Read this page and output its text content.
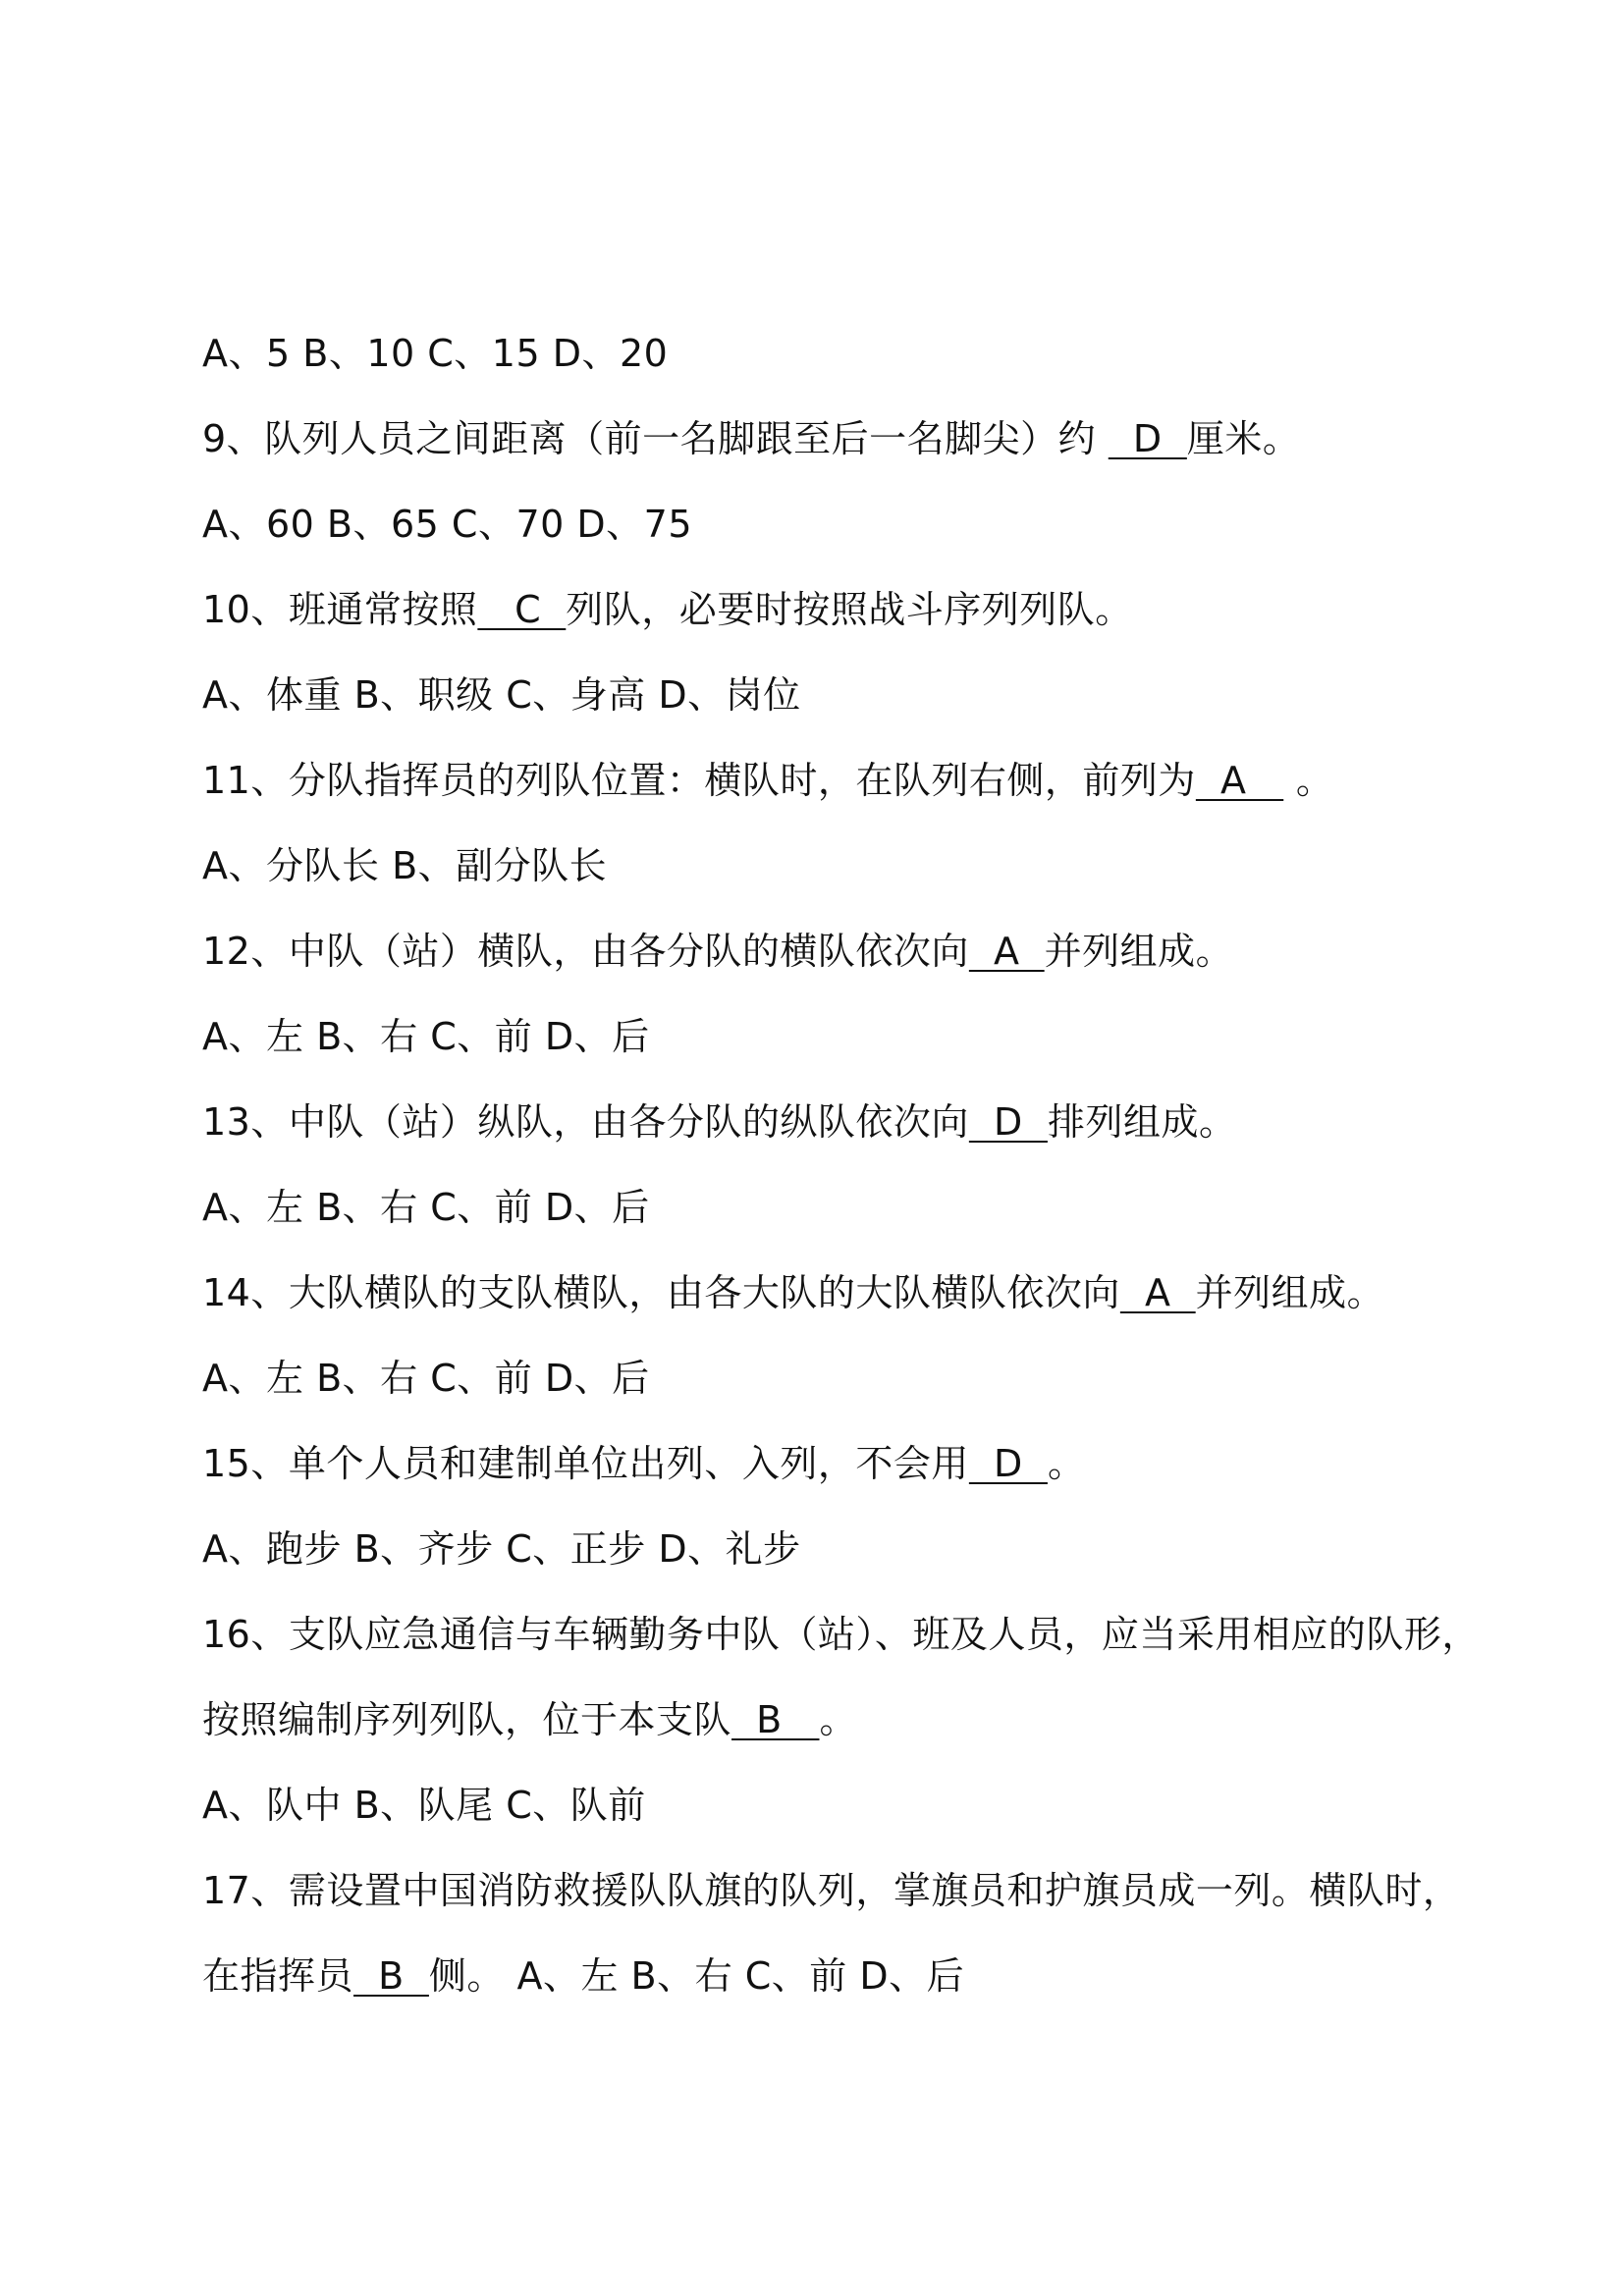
A、5 B、10 C、15 D、20
9、队列人员之间距离（前一名脚跟至后一名脚尖）约   D  厘米。
A、60 B、65 C、70 D、75
10、班通常按照   C  列队，必要时按照战斗序列列队。
A、体重 B、职级 C、身高 D、岗位
11、分队指挥员的列队位置：横队时，在队列右侧，前列为  A    。
A、分队长 B、副分队长
12、中队（站）横队，由各分队的横队依次向  A  并列组成。
A、左 B、右 C、前 D、后
13、中队（站）纵队，由各分队的纵队依次向  D  排列组成。
A、左 B、右 C、前 D、后
14、大队横队的支队横队，由各大队的大队横队依次向  A  并列组成。
A、左 B、右 C、前 D、后
15、单个人员和建制单位出列、入列，不会用  D  。
A、跑步 B、齐步 C、正步 D、礼步
16、支队应急通信与车辆勤务中队（站）、班及人员，应当采用相应的队形，
按照编制序列列队，位于本支队  B   。
A、队中 B、队尾 C、队前
17、需设置中国消防救援队队旗的队列，掌旗员和护旗员成一列。横队时，
在指挥员  B  侧。 A、左 B、右 C、前 D、后
